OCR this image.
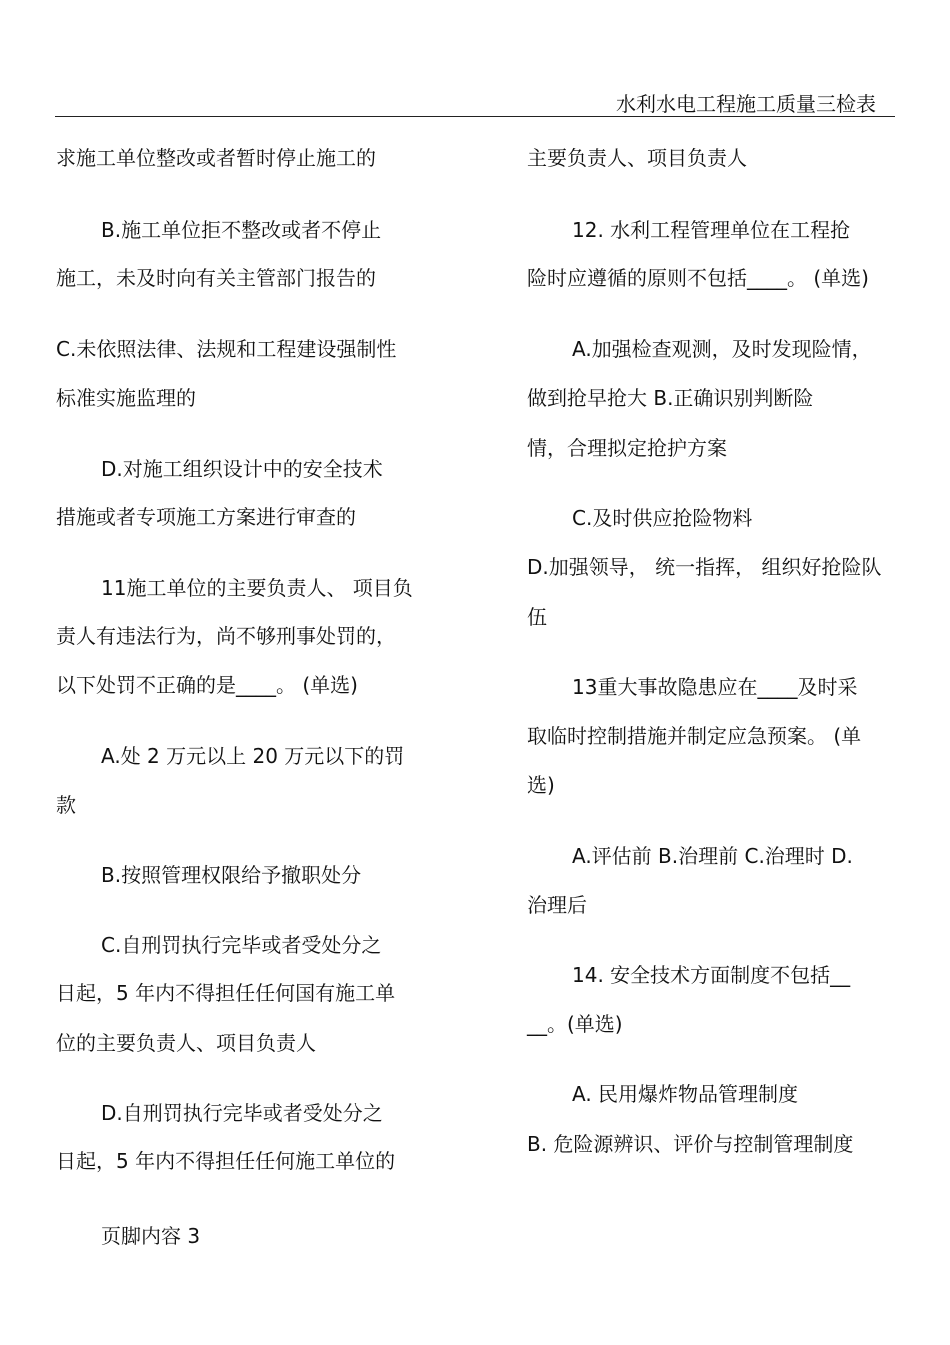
水利水电工程施工质量三检表
求施工单位整改或者暂时停止施工的
B.施工单位拒不整改或者不停止
施工，未及时向有关主管部门报告的
C.未依照法律、法规和工程建设强制性
标准实施监理的
D.对施工组织设计中的安全技术
措施或者专项施工方案进行审查的
11施工单位的主要负责人、 项目负
责人有违法行为，尚不够刑事处罚的，
以下处罚不正确的是____。 (单选)
A.处 2 万元以上 20 万元以下的罚
款
B.按照管理权限给予撤职处分
C.自刑罚执行完毕或者受处分之
日起，5 年内不得担任任何国有施工单
位的主要负责人、项目负责人
D.自刑罚执行完毕或者受处分之
日起，5 年内不得担任任何施工单位的
主要负责人、项目负责人
12. 水利工程管理单位在工程抢
险时应遵循的原则不包括____。 (单选)
A.加强检查观测，及时发现险情，
做到抢早抢大 B.正确识别判断险
情，合理拟定抢护方案
C.及时供应抢险物料
D.加强领导， 统一指挥， 组织好抢险队
伍
13重大事故隐患应在____及时采
取临时控制措施并制定应急预案。 (单
选)
A.评估前 B.治理前 C.治理时 D.
治理后
14. 安全技术方面制度不包括__
__。(单选)
A. 民用爆炸物品管理制度
B. 危险源辨识、评价与控制管理制度
页脚内容 3
